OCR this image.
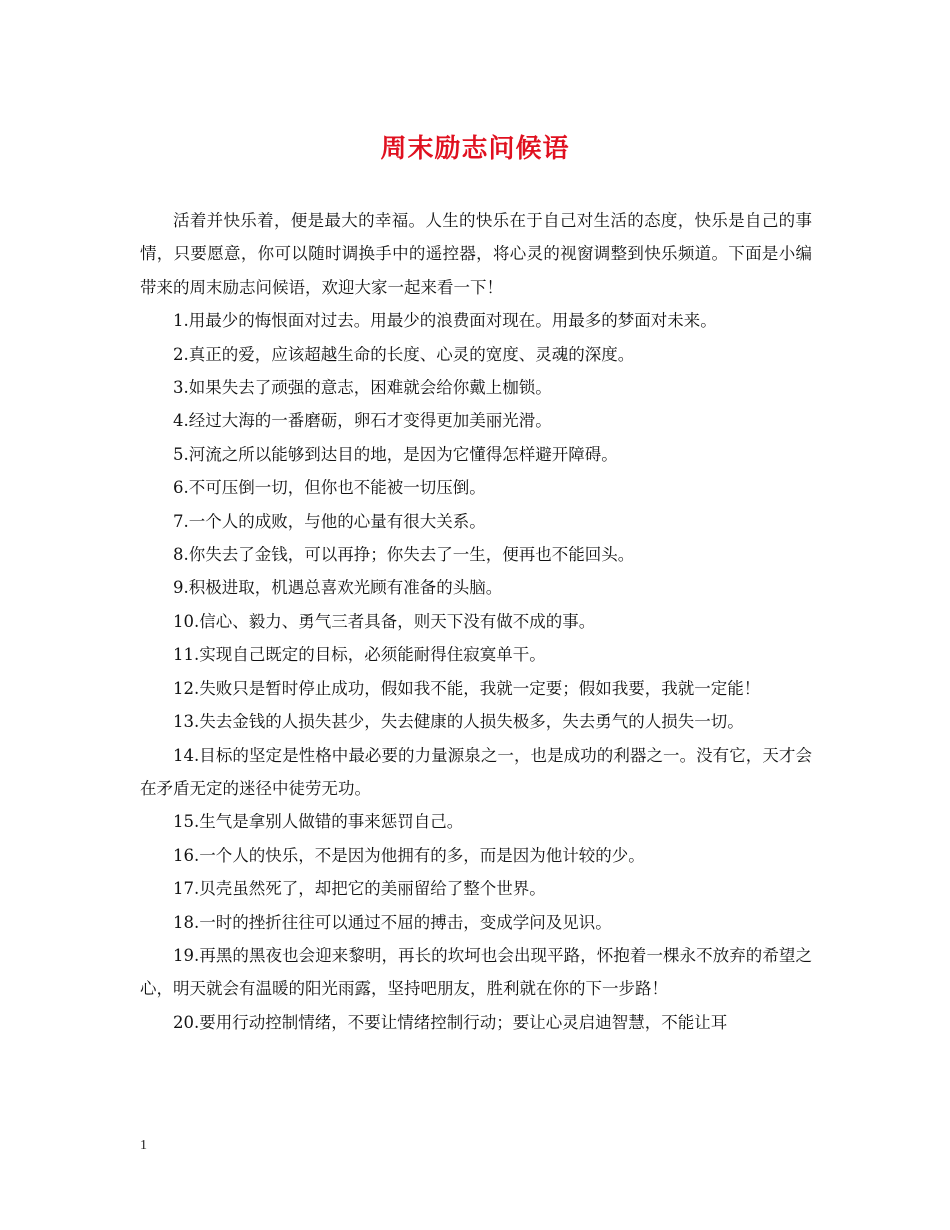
周末励志问候语

活着并快乐着，便是最大的幸福。人生的快乐在于自己对生活的态度，快乐是自己的事情，只要愿意，你可以随时调换手中的遥控器，将心灵的视窗调整到快乐频道。下面是小编带来的周末励志问候语，欢迎大家一起来看一下！

1.用最少的悔恨面对过去。用最少的浪费面对现在。用最多的梦面对未来。

2.真正的爱，应该超越生命的长度、心灵的宽度、灵魂的深度。

3.如果失去了顽强的意志，困难就会给你戴上枷锁。

4.经过大海的一番磨砺，卵石才变得更加美丽光滑。

5.河流之所以能够到达目的地，是因为它懂得怎样避开障碍。

6.不可压倒一切，但你也不能被一切压倒。

7.一个人的成败，与他的心量有很大关系。

8.你失去了金钱，可以再挣；你失去了一生，便再也不能回头。

9.积极进取，机遇总喜欢光顾有准备的头脑。

10.信心、毅力、勇气三者具备，则天下没有做不成的事。

11.实现自己既定的目标，必须能耐得住寂寞单干。

12.失败只是暂时停止成功，假如我不能，我就一定要；假如我要，我就一定能！

13.失去金钱的人损失甚少，失去健康的人损失极多，失去勇气的人损失一切。

14.目标的坚定是性格中最必要的力量源泉之一，也是成功的利器之一。没有它，天才会在矛盾无定的迷径中徒劳无功。

15.生气是拿别人做错的事来惩罚自己。

16.一个人的快乐，不是因为他拥有的多，而是因为他计较的少。

17.贝壳虽然死了，却把它的美丽留给了整个世界。

18.一时的挫折往往可以通过不屈的搏击，变成学问及见识。

19.再黑的黑夜也会迎来黎明，再长的坎坷也会出现平路，怀抱着一棵永不放弃的希望之心，明天就会有温暖的阳光雨露，坚持吧朋友，胜利就在你的下一步路！

20.要用行动控制情绪，不要让情绪控制行动；要让心灵启迪智慧，不能让耳

1
